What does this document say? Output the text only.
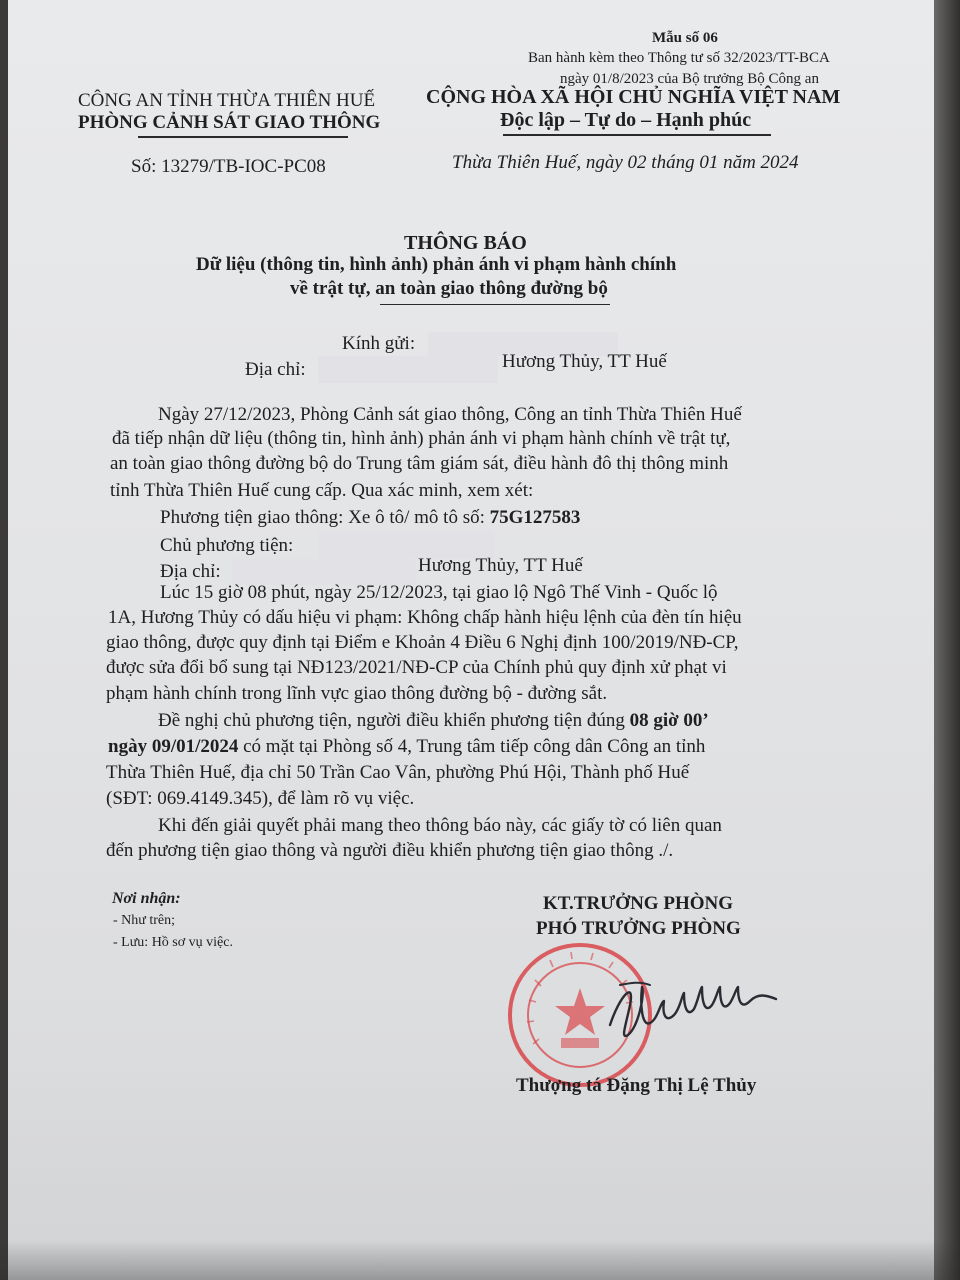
Mẫu số 06
Ban hành kèm theo Thông tư số 32/2023/TT-BCA
ngày 01/8/2023 của Bộ trưởng Bộ Công an
CÔNG AN TỈNH THỪA THIÊN HUẾ
PHÒNG CẢNH SÁT GIAO THÔNG
Số: 13279/TB-IOC-PC08
CỘNG HÒA XÃ HỘI CHỦ NGHĨA VIỆT NAM
Độc lập – Tự do – Hạnh phúc
Thừa Thiên Huế, ngày 02 tháng 01 năm 2024
THÔNG BÁO
Dữ liệu (thông tin, hình ảnh) phản ánh vi phạm hành chính
về trật tự, an toàn giao thông đường bộ
Kính gửi:
Địa chỉ:	Hương Thủy, TT Huế
Ngày 27/12/2023, Phòng Cảnh sát giao thông, Công an tỉnh Thừa Thiên Huế
đã tiếp nhận dữ liệu (thông tin, hình ảnh) phản ánh vi phạm hành chính về trật tự,
an toàn giao thông đường bộ do Trung tâm giám sát, điều hành đô thị thông minh
tỉnh Thừa Thiên Huế cung cấp. Qua xác minh, xem xét:
Phương tiện giao thông: Xe ô tô/ mô tô số: 75G127583
Chủ phương tiện:
Địa chỉ:	Hương Thủy, TT Huế
Lúc 15 giờ 08 phút, ngày 25/12/2023, tại giao lộ Ngô Thế Vinh - Quốc lộ
1A, Hương Thủy có dấu hiệu vi phạm: Không chấp hành hiệu lệnh của đèn tín hiệu
giao thông, được quy định tại Điểm e Khoản 4 Điều 6 Nghị định 100/2019/NĐ-CP,
được sửa đổi bổ sung tại NĐ123/2021/NĐ-CP của Chính phủ quy định xử phạt vi
phạm hành chính trong lĩnh vực giao thông đường bộ - đường sắt.
Đề nghị chủ phương tiện, người điều khiển phương tiện đúng 08 giờ 00’
ngày 09/01/2024 có mặt tại Phòng số 4, Trung tâm tiếp công dân Công an tỉnh
Thừa Thiên Huế, địa chỉ 50 Trần Cao Vân, phường Phú Hội, Thành phố Huế
(SĐT: 069.4149.345), để làm rõ vụ việc.
Khi đến giải quyết phải mang theo thông báo này, các giấy tờ có liên quan
đến phương tiện giao thông và người điều khiển phương tiện giao thông ./.
Nơi nhận:
- Như trên;
- Lưu: Hồ sơ vụ việc.
KT.TRƯỞNG PHÒNG
PHÓ TRƯỞNG PHÒNG
Thượng tá Đặng Thị Lệ Thủy
